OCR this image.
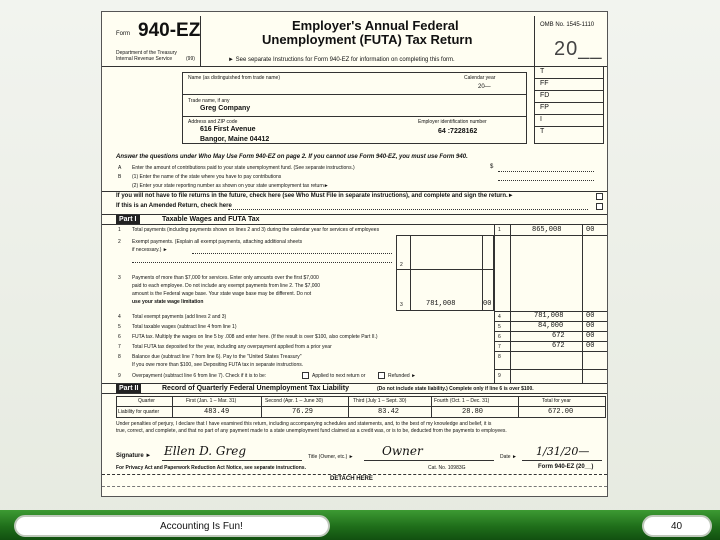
Form 940-EZ
Department of the Treasury
Internal Revenue Service	(99)
Employer's Annual Federal
Unemployment (FUTA) Tax Return
► See separate Instructions for Form 940-EZ for information on completing this form.
OMB No. 1545-1110
20__
T
FF
FD
FP
I
T
Name (as distinguished from trade name)	Calendar year
20—
Trade name, if any
Greg Company
Address and ZIP code	Employer identification number
616 First Avenue	64 :7228162
Bangor, Maine 04412
Answer the questions under Who May Use Form 940-EZ on page 2. If you cannot use Form 940-EZ, you must use Form 940.
A Enter the amount of contributions paid to your state unemployment fund. (See separate instructions.)	$
B (1) Enter the name of the state where you have to pay contributions
(2) Enter your state reporting number as shown on your state unemployment tax return►
If you will not have to file returns in the future, check here (see Who Must File in separate instructions), and complete and sign the return.►
If this is an Amended Return, check here
Part I	Taxable Wages and FUTA Tax
1 Total payments (including payments shown on lines 2 and 3) during the calendar year for services of employees	1	865,008	00
2 Exempt payments. (Explain all exempt payments, attaching additional sheets
if necessary.) ►
2
3 Payments of more than $7,000 for services. Enter only amounts over the first $7,000
paid to each employee. Do not include any exempt payments from line 2. The $7,000
amount is the Federal wage base. Your state wage base may be different. Do not
use your state wage limitation	3	781,008	00
4 Total exempt payments (add lines 2 and 3)	4	781,008	00
5 Total taxable wages (subtract line 4 from line 1)	5	84,000	00
6 FUTA tax. Multiply the wages on line 5 by .008 and enter here. (If the result is over $100, also complete Part II.)	6	672	00
7 Total FUTA tax deposited for the year, including any overpayment applied from a prior year	7	672	00
8 Balance due (subtract line 7 from line 6). Pay to the "United States Treasury"	8
If you owe more than $100, see Depositing FUTA tax in separate instructions.
9 Overpayment (subtract line 6 from line 7). Check if it is to be:	Applied to next return or	Refunded ►	9
Part II	Record of Quarterly Federal Unemployment Tax Liability	(Do not include state liability.) Complete only if line 6 is over $100.
Quarter	First (Jan. 1 – Mar. 31)	Second (Apr. 1 – June 30)	Third (July 1 – Sept. 30)	Fourth (Oct. 1 – Dec. 31)	Total for year
Liability for quarter	483.49	76.29	83.42	28.80	672.00
Under penalties of perjury, I declare that I have examined this return, including accompanying schedules and statements, and, to the best of my knowledge and belief, it is
true, correct, and complete, and that no part of any payment made to a state unemployment fund claimed as a credit was, or is to be, deducted from the payments to employees.
Signature ► Ellen D. Greg	Title (Owner, etc.) ► Owner	Date ► 1/31/20—
For Privacy Act and Paperwork Reduction Act Notice, see separate instructions.	Cat. No. 10983G	Form 940-EZ (20__)
DETACH HERE
Accounting Is Fun!	40
